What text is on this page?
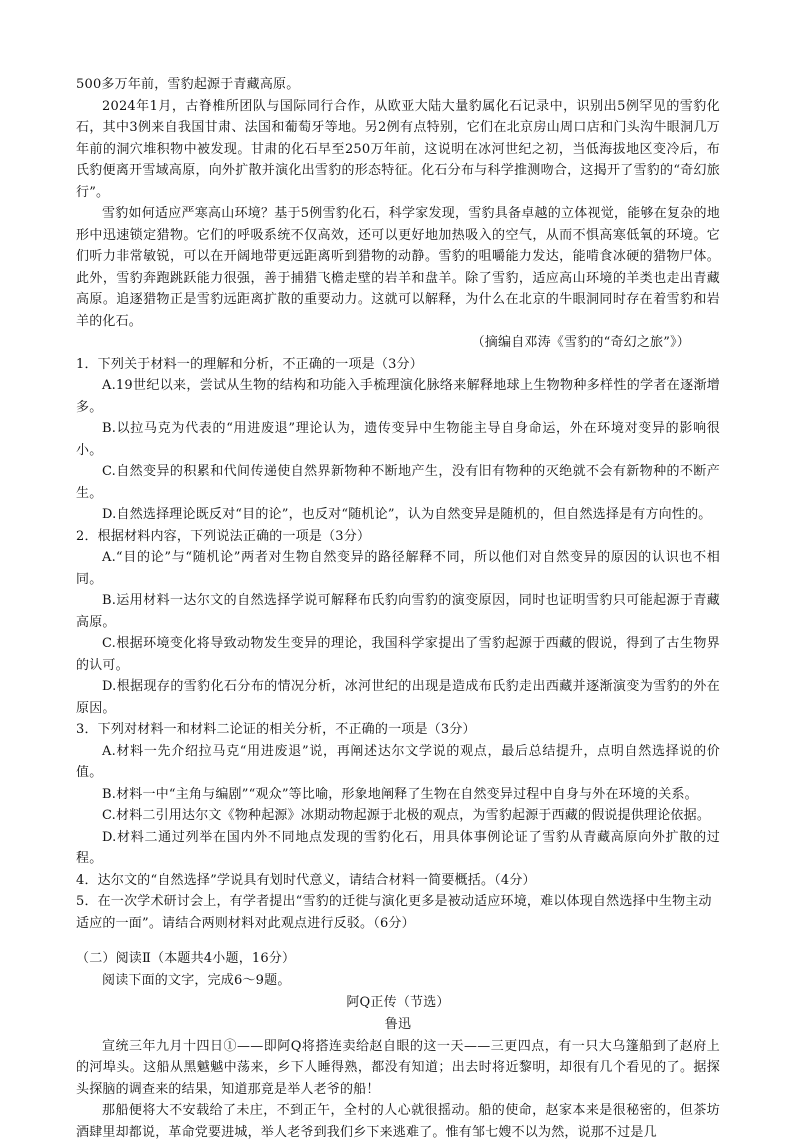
500多万年前，雪豹起源于青藏高原。

2024年1月，古脊椎所团队与国际同行合作，从欧亚大陆大量豹属化石记录中，识别出5例罕见的雪豹化石，其中3例来自我国甘肃、法国和葡萄牙等地。另2例有点特别，它们在北京房山周口店和门头沟牛眼洞几万年前的洞穴堆积物中被发现。甘肃的化石早至250万年前，这说明在冰河世纪之初，当低海拔地区变冷后，布氏豹便离开雪域高原，向外扩散并演化出雪豹的形态特征。化石分布与科学推测吻合，这揭开了雪豹的“奇幻旅行”。

雪豹如何适应严寒高山环境？基于5例雪豹化石，科学家发现，雪豹具备卓越的立体视觉，能够在复杂的地形中迅速锁定猎物。它们的呼吸系统不仅高效，还可以更好地加热吸入的空气，从而不惧高寒低氧的环境。它们听力非常敏锐，可以在开阔地带更远距离听到猎物的动静。雪豹的咀嚼能力发达，能啃食冰硬的猎物尸体。此外，雪豹奔跑跳跃能力很强，善于捕猎飞檐走壁的岩羊和盘羊。除了雪豹，适应高山环境的羊类也走出青藏高原。追逐猎物正是雪豹远距离扩散的重要动力。这就可以解释，为什么在北京的牛眼洞同时存在着雪豹和岩羊的化石。

（摘编自邓涛《雪豹的“奇幻之旅”》）

1．下列关于材料一的理解和分析，不正确的一项是（3分）

A.19世纪以来，尝试从生物的结构和功能入手梳理演化脉络来解释地球上生物物种多样性的学者在逐渐增多。

B.以拉马克为代表的“用进废退”理论认为，遗传变异中生物能主导自身命运，外在环境对变异的影响很小。

C.自然变异的积累和代间传递使自然界新物种不断地产生，没有旧有物种的灭绝就不会有新物种的不断产生。

D.自然选择理论既反对“目的论”，也反对“随机论”，认为自然变异是随机的，但自然选择是有方向性的。

2．根据材料内容，下列说法正确的一项是（3分）

A.“目的论”与“随机论”两者对生物自然变异的路径解释不同，所以他们对自然变异的原因的认识也不相同。

B.运用材料一达尔文的自然选择学说可解释布氏豹向雪豹的演变原因，同时也证明雪豹只可能起源于青藏高原。

C.根据环境变化将导致动物发生变异的理论，我国科学家提出了雪豹起源于西藏的假说，得到了古生物界的认可。

D.根据现存的雪豹化石分布的情况分析，冰河世纪的出现是造成布氏豹走出西藏并逐渐演变为雪豹的外在原因。

3．下列对材料一和材料二论证的相关分析，不正确的一项是（3分）

A.材料一先介绍拉马克“用进废退”说，再阐述达尔文学说的观点，最后总结提升，点明自然选择说的价值。

B.材料一中“主角与编剧”“观众”等比喻，形象地阐释了生物在自然变异过程中自身与外在环境的关系。

C.材料二引用达尔文《物种起源》冰期动物起源于北极的观点，为雪豹起源于西藏的假说提供理论依据。

D.材料二通过列举在国内外不同地点发现的雪豹化石，用具体事例论证了雪豹从青藏高原向外扩散的过程。

4．达尔文的“自然选择”学说具有划时代意义，请结合材料一简要概括。（4分）

5．在一次学术研讨会上，有学者提出“雪豹的迁徙与演化更多是被动适应环境，难以体现自然选择中生物主动适应的一面”。请结合两则材料对此观点进行反驳。（6分）

（二）阅读Ⅱ（本题共4小题，16分）

阅读下面的文字，完成6～9题。

阿Q正传（节选）

鲁迅

宣统三年九月十四日①——即阿Q将搭连卖给赵自眼的这一天——三更四点，有一只大乌篷船到了赵府上的河埠头。这船从黑魆魆中荡来，乡下人睡得熟，都没有知道；出去时将近黎明，却很有几个看见的了。据探头探脑的调查来的结果，知道那竟是举人老爷的船！

那船便将大不安载给了未庄，不到正午，全村的人心就很摇动。船的使命，赵家本来是很秘密的，但茶坊酒肆里却都说，革命党要进城，举人老爷到我们乡下来逃难了。惟有邹七嫂不以为然，说那不过是几
